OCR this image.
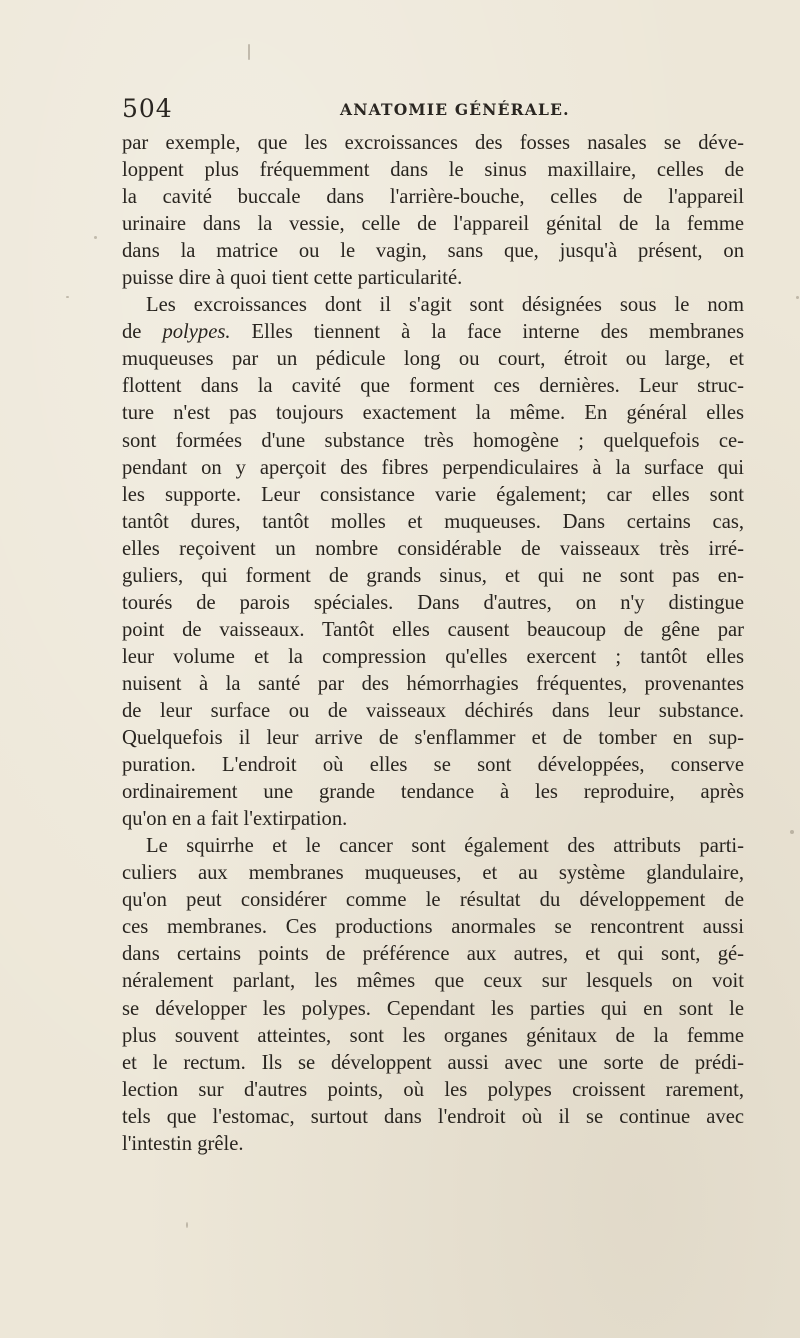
504	ANATOMIE GÉNÉRALE.
par exemple, que les excroissances des fosses nasales se déve-
loppent plus fréquemment dans le sinus maxillaire, celles de
la cavité buccale dans l'arrière-bouche, celles de l'appareil
urinaire dans la vessie, celle de l'appareil génital de la femme
dans la matrice ou le vagin, sans que, jusqu'à présent, on
puisse dire à quoi tient cette particularité.
Les excroissances dont il s'agit sont désignées sous le nom
de polypes. Elles tiennent à la face interne des membranes
muqueuses par un pédicule long ou court, étroit ou large, et
flottent dans la cavité que forment ces dernières. Leur struc-
ture n'est pas toujours exactement la même. En général elles
sont formées d'une substance très homogène ; quelquefois ce-
pendant on y aperçoit des fibres perpendiculaires à la surface qui
les supporte. Leur consistance varie également; car elles sont
tantôt dures, tantôt molles et muqueuses. Dans certains cas,
elles reçoivent un nombre considérable de vaisseaux très irré-
guliers, qui forment de grands sinus, et qui ne sont pas en-
tourés de parois spéciales. Dans d'autres, on n'y distingue
point de vaisseaux. Tantôt elles causent beaucoup de gêne par
leur volume et la compression qu'elles exercent ; tantôt elles
nuisent à la santé par des hémorrhagies fréquentes, provenantes
de leur surface ou de vaisseaux déchirés dans leur substance.
Quelquefois il leur arrive de s'enflammer et de tomber en sup-
puration. L'endroit où elles se sont développées, conserve
ordinairement une grande tendance à les reproduire, après
qu'on en a fait l'extirpation.
Le squirrhe et le cancer sont également des attributs parti-
culiers aux membranes muqueuses, et au système glandulaire,
qu'on peut considérer comme le résultat du développement de
ces membranes. Ces productions anormales se rencontrent aussi
dans certains points de préférence aux autres, et qui sont, gé-
néralement parlant, les mêmes que ceux sur lesquels on voit
se développer les polypes. Cependant les parties qui en sont le
plus souvent atteintes, sont les organes génitaux de la femme
et le rectum. Ils se développent aussi avec une sorte de prédi-
lection sur d'autres points, où les polypes croissent rarement,
tels que l'estomac, surtout dans l'endroit où il se continue avec
l'intestin grêle.
